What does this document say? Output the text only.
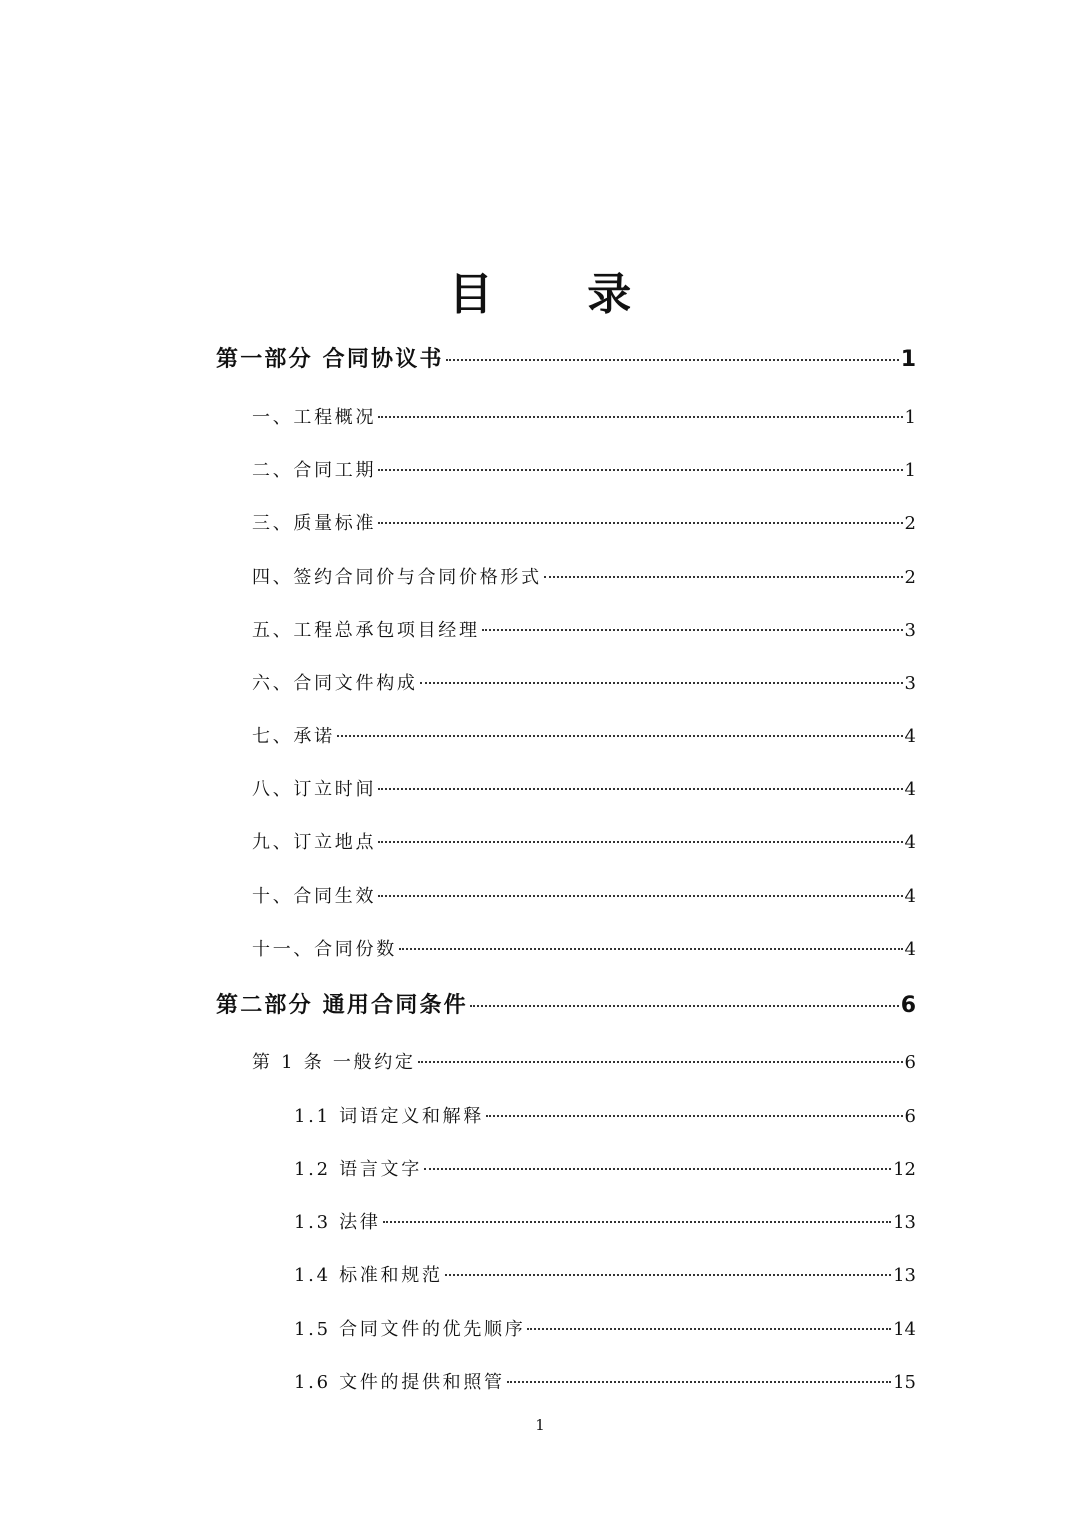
目 录
第一部分 合同协议书	1
一、工程概况	1
二、合同工期	1
三、质量标准	2
四、签约合同价与合同价格形式	2
五、工程总承包项目经理	3
六、合同文件构成	3
七、承诺	4
八、订立时间	4
九、订立地点	4
十、合同生效	4
十一、合同份数	4
第二部分 通用合同条件	6
第 1 条 一般约定	6
1.1 词语定义和解释	6
1.2 语言文字	12
1.3 法律	13
1.4 标准和规范	13
1.5 合同文件的优先顺序	14
1.6 文件的提供和照管	15
1
